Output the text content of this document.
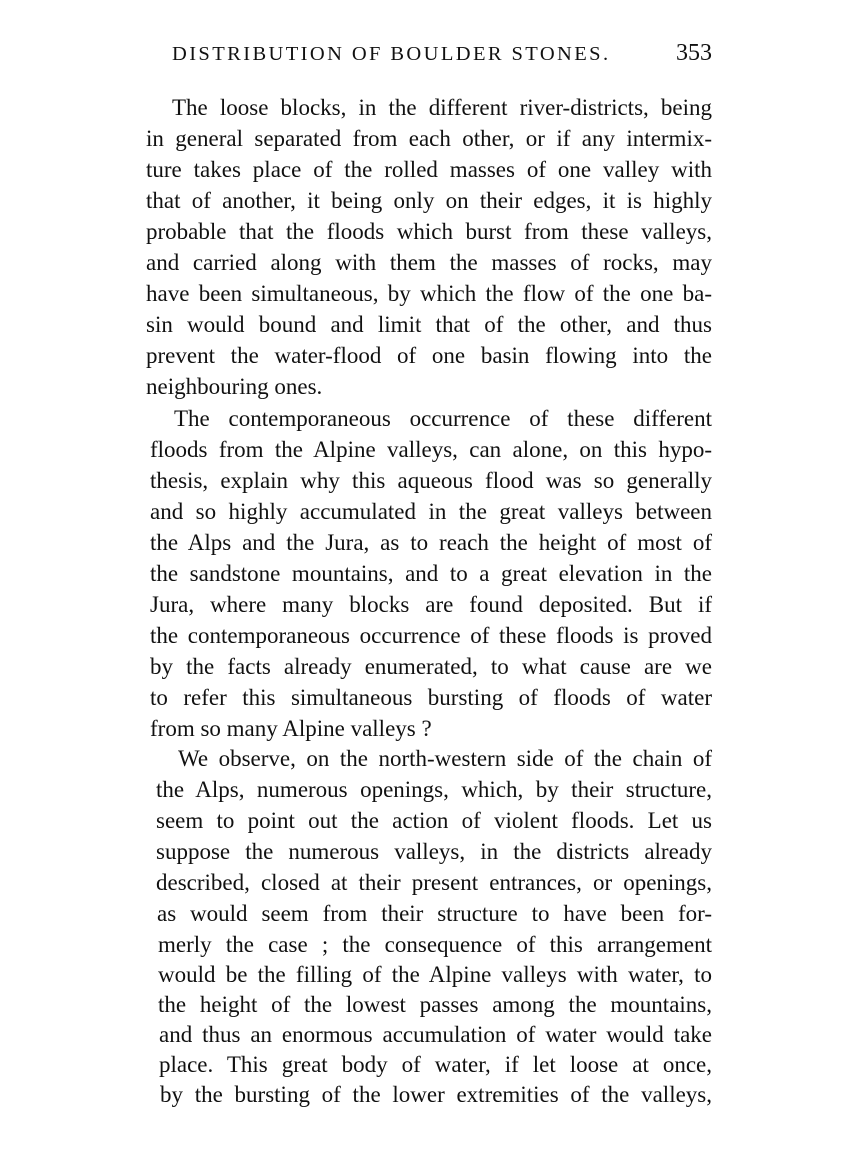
DISTRIBUTION OF BOULDER STONES.	353
The loose blocks, in the different river-districts, being
in general separated from each other, or if any intermix-
ture takes place of the rolled masses of one valley with
that of another, it being only on their edges, it is highly
probable that the floods which burst from these valleys,
and carried along with them the masses of rocks, may
have been simultaneous, by which the flow of the one ba-
sin would bound and limit that of the other, and thus
prevent the water-flood of one basin flowing into the
neighbouring ones.
The contemporaneous occurrence of these different
floods from the Alpine valleys, can alone, on this hypo-
thesis, explain why this aqueous flood was so generally
and so highly accumulated in the great valleys between
the Alps and the Jura, as to reach the height of most of
the sandstone mountains, and to a great elevation in the
Jura, where many blocks are found deposited. But if
the contemporaneous occurrence of these floods is proved
by the facts already enumerated, to what cause are we
to refer this simultaneous bursting of floods of water
from so many Alpine valleys ?
We observe, on the north-western side of the chain of
the Alps, numerous openings, which, by their structure,
seem to point out the action of violent floods. Let us
suppose the numerous valleys, in the districts already
described, closed at their present entrances, or openings,
as would seem from their structure to have been for-
merly the case ; the consequence of this arrangement
would be the filling of the Alpine valleys with water, to
the height of the lowest passes among the mountains,
and thus an enormous accumulation of water would take
place. This great body of water, if let loose at once,
by the bursting of the lower extremities of the valleys,
